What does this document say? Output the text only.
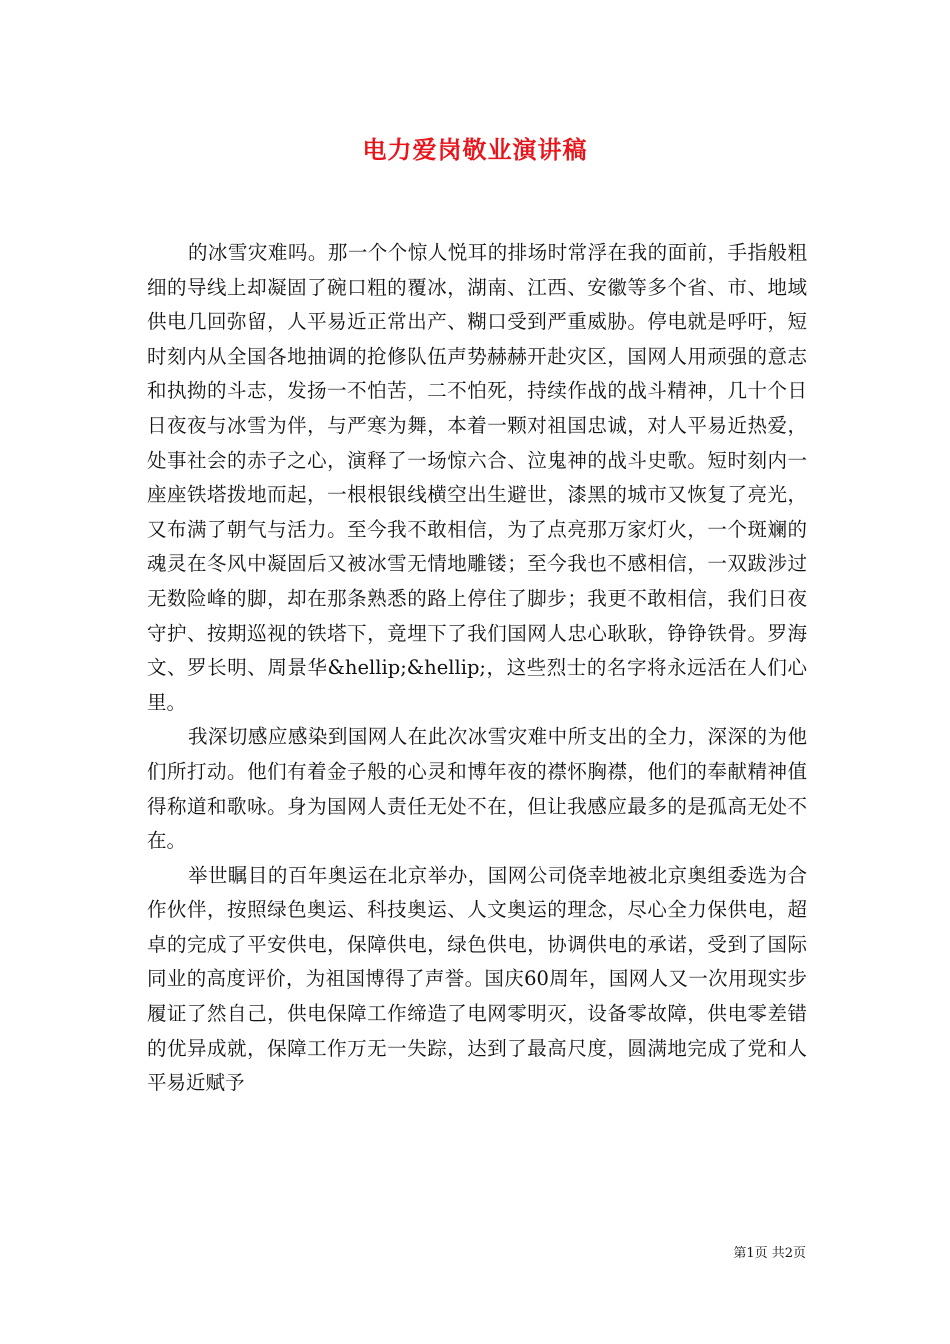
电力爱岗敬业演讲稿

的冰雪灾难吗。那一个个惊人悦耳的排场时常浮在我的面前，手指般粗细的导线上却凝固了碗口粗的覆冰，湖南、江西、安徽等多个省、市、地域供电几回弥留，人平易近正常出产、糊口受到严重威胁。停电就是呼吁，短时刻内从全国各地抽调的抢修队伍声势赫赫开赴灾区，国网人用顽强的意志和执拗的斗志，发扬一不怕苦，二不怕死，持续作战的战斗精神，几十个日日夜夜与冰雪为伴，与严寒为舞，本着一颗对祖国忠诚，对人平易近热爱，处事社会的赤子之心，演释了一场惊六合、泣鬼神的战斗史歌。短时刻内一座座铁塔拨地而起，一根根银线横空出生避世，漆黑的城市又恢复了亮光，又布满了朝气与活力。至今我不敢相信，为了点亮那万家灯火，一个斑斓的魂灵在冬风中凝固后又被冰雪无情地雕镂；至今我也不感相信，一双跋涉过无数险峰的脚，却在那条熟悉的路上停住了脚步；我更不敢相信，我们日夜守护、按期巡视的铁塔下，竟埋下了我们国网人忠心耿耿，铮铮铁骨。罗海文、罗长明、周景华&hellip;&hellip;，这些烈士的名字将永远活在人们心里。

我深切感应感染到国网人在此次冰雪灾难中所支出的全力，深深的为他们所打动。他们有着金子般的心灵和博年夜的襟怀胸襟，他们的奉献精神值得称道和歌咏。身为国网人责任无处不在，但让我感应最多的是孤高无处不在。

举世瞩目的百年奥运在北京举办，国网公司侥幸地被北京奥组委选为合作伙伴，按照绿色奥运、科技奥运、人文奥运的理念，尽心全力保供电，超卓的完成了平安供电，保障供电，绿色供电，协调供电的承诺，受到了国际同业的高度评价，为祖国博得了声誉。国庆60周年，国网人又一次用现实步履证了然自己，供电保障工作缔造了电网零明灭，设备零故障，供电零差错的优异成就，保障工作万无一失踪，达到了最高尺度，圆满地完成了党和人平易近赋予

第1页 共2页
